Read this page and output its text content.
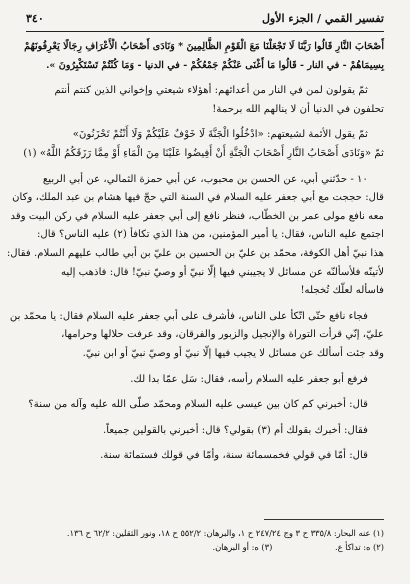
تفسير القمي / الجزء الأول
٣٤٠

أَصْحَابَ النَّارِ قَالُوا رَبَّنَا لَا تَجْعَلْنَا مَعَ الْقَوْمِ الظَّالِمِينَ * وَنَادَى أَصْحَابُ الْأَعْرَافِ رِجَالًا يَعْرِفُونَهُمْ

بِسِيمَاهُمْ - في النار - قَالُوا مَا أَغْنَى عَنْكُمْ جَمْعُكُمْ - في الدنيا - وَمَا كُنْتُمْ تَسْتَكْبِرُونَ ».

ثمّ يقولون لمن في النار من أعدائهم: أهؤلاء شيعتي وإخواني الذين كنتم أنتم

تحلفون في الدنيا أن لا ينالهم الله برحمة!

ثمّ يقول الأئمة لشيعتهم: «ادْخُلُوا الْجَنَّةَ لَا خَوْفٌ عَلَيْكُمْ وَلَا أَنْتُمْ تَحْزَنُونَ»

ثمّ «وَنَادَى أَصْحَابُ النَّارِ أَصْحَابَ الْجَنَّةِ أَنْ أَفِيضُوا عَلَيْنَا مِنَ الْمَاءِ أَوْ مِمَّا رَزَقَكُمُ اللَّهُ» (١)

١٠ - حدّثني أبي، عن الحسن بن محبوب، عن أبي حمزة الثمالي، عن أبي الربيع

قال: حججت مع أبي جعفر عليه السلام في السنة التي حجّ فيها هشام بن عبد الملك، وكان

معه نافع مولى عمر بن الخطّاب، فنظر نافع إلى أبي جعفر عليه السلام في ركن البيت وقد

اجتمع عليه الناس، فقال: يا أمير المؤمنين، من هذا الذي تكافأ (٢) عليه الناس؟ قال:

هذا نبيّ أهل الكوفة، محمّد بن عليّ بن الحسين بن عليّ بن أبي طالب عليهم السلام. فقال:

لأتينّه فلأسألنّه عن مسائل لا يجيبني فيها إلّا نبيّ أو وصيّ نبيّ! قال: فاذهب إليه

فاسأله لعلّك تُخجله!

فجاء نافع حتّى اتّكأ على الناس، فأشرف على أبي جعفر عليه السلام فقال: يا محمّد بن

عليّ، إنّي قرأت التوراة والإنجيل والزبور والفرقان، وقد عرفت حلالها وحرامها،

وقد جئت أسألك عن مسائل لا يجيب فيها إلّا نبيّ أو وصيّ نبيّ أو ابن نبيّ.

فرفع أبو جعفر عليه السلام رأسه، فقال: سَل عمّا بدا لك.

قال: أخبرني كم كان بين عيسى عليه السلام ومحمّد صلّى الله عليه وآله من سنة؟

فقال: أخبرك بقولك أم (٣) بقولي؟ قال: أخبرني بالقولين جميعاً.

قال: أمّا في قولي فخمسمائة سنة، وأمّا في قولك فستمائة سنة.

(١) عنه البحار: ٣٣٥/٨ ح ٣ وج ٢٤٧/٢٤ ح ١، والبرهان: ٥٥٢/٢ ح ١٨، ونور الثقلين: ٦٢/٢ ح ١٣٦.

(٢) ه: تداكأ ع. (٣) ه: أو البرهان.
